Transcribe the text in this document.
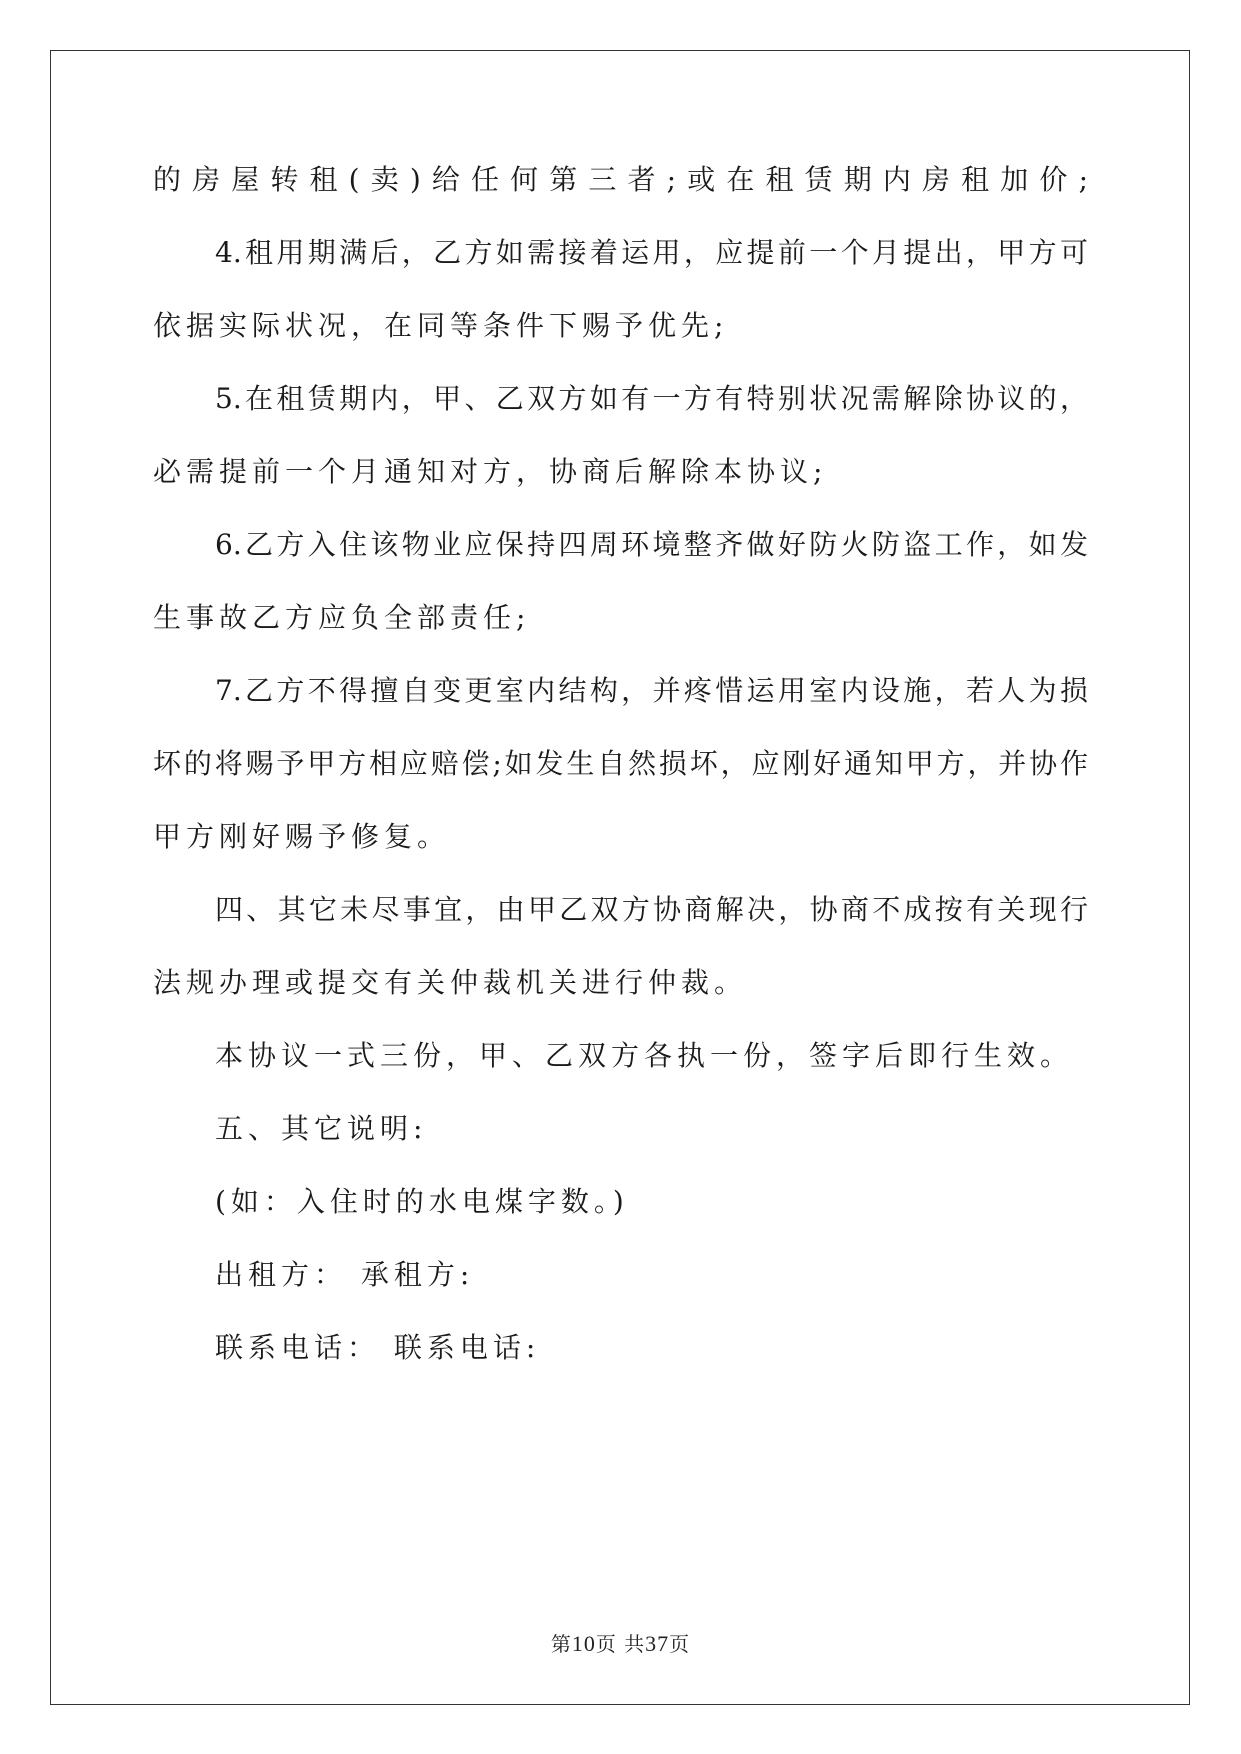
的房屋转租(卖)给任何第三者;或在租赁期内房租加价;
4.租用期满后，乙方如需接着运用，应提前一个月提出，甲方可
依据实际状况，在同等条件下赐予优先;
5.在租赁期内，甲、乙双方如有一方有特别状况需解除协议的，
必需提前一个月通知对方，协商后解除本协议;
6.乙方入住该物业应保持四周环境整齐做好防火防盗工作，如发
生事故乙方应负全部责任;
7.乙方不得擅自变更室内结构，并疼惜运用室内设施，若人为损
坏的将赐予甲方相应赔偿;如发生自然损坏，应刚好通知甲方，并协作
甲方刚好赐予修复。
四、其它未尽事宜，由甲乙双方协商解决，协商不成按有关现行
法规办理或提交有关仲裁机关进行仲裁。
本协议一式三份，甲、乙双方各执一份，签字后即行生效。
五、其它说明:
(如：入住时的水电煤字数。)
出租方： 承租方:
联系电话： 联系电话:
第10页 共37页
